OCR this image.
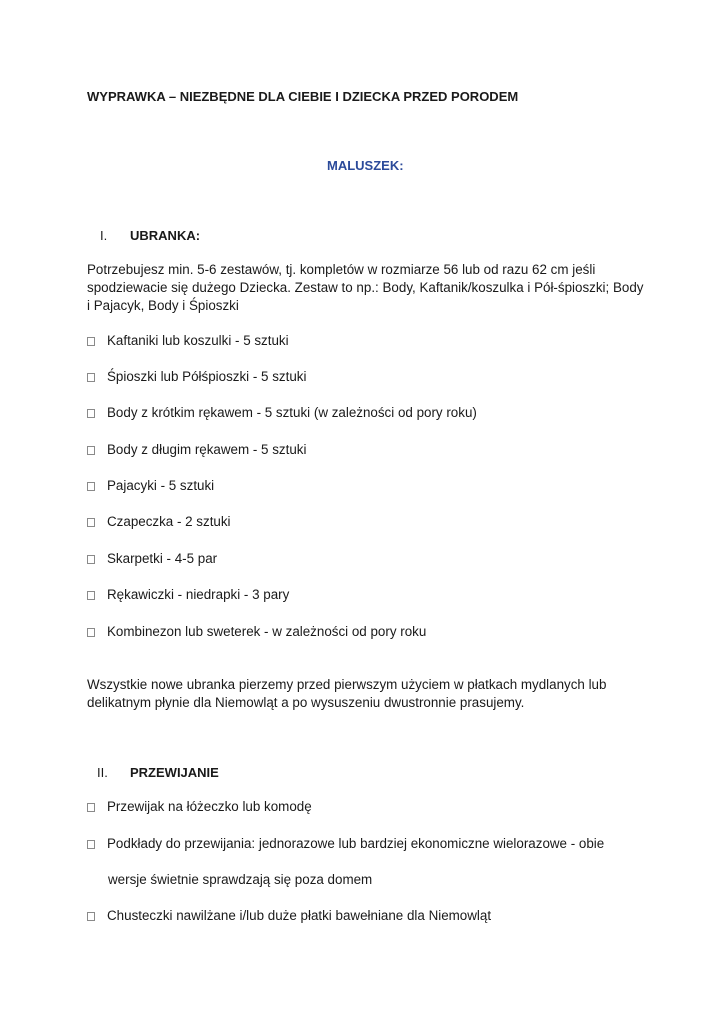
WYPRAWKA – NIEZBĘDNE DLA CIEBIE I DZIECKA PRZED PORODEM
MALUSZEK:
I. UBRANKA:
Potrzebujesz min. 5-6 zestawów, tj. kompletów w rozmiarze 56 lub od razu 62 cm jeśli
spodziewacie się dużego Dziecka. Zestaw to np.: Body, Kaftanik/koszulka i Pół-śpioszki; Body
i Pajacyk, Body i Śpioszki
Kaftaniki lub koszulki - 5 sztuki
Śpioszki lub Półśpioszki - 5 sztuki
Body z krótkim rękawem - 5 sztuki (w zależności od pory roku)
Body z długim rękawem - 5 sztuki
Pajacyki - 5 sztuki
Czapeczka - 2 sztuki
Skarpetki - 4-5 par
Rękawiczki - niedrapki - 3 pary
Kombinezon lub sweterek - w zależności od pory roku
Wszystkie nowe ubranka pierzemy przed pierwszym użyciem w płatkach mydlanych lub
delikatnym płynie dla Niemowląt a po wysuszeniu dwustronnie prasujemy.
II. PRZEWIJANIE
Przewijak na łóżeczko lub komodę
Podkłady do przewijania: jednorazowe lub bardziej ekonomiczne wielorazowe - obie
wersje świetnie sprawdzają się poza domem
Chusteczki nawilżane i/lub duże płatki bawełniane dla Niemowląt
